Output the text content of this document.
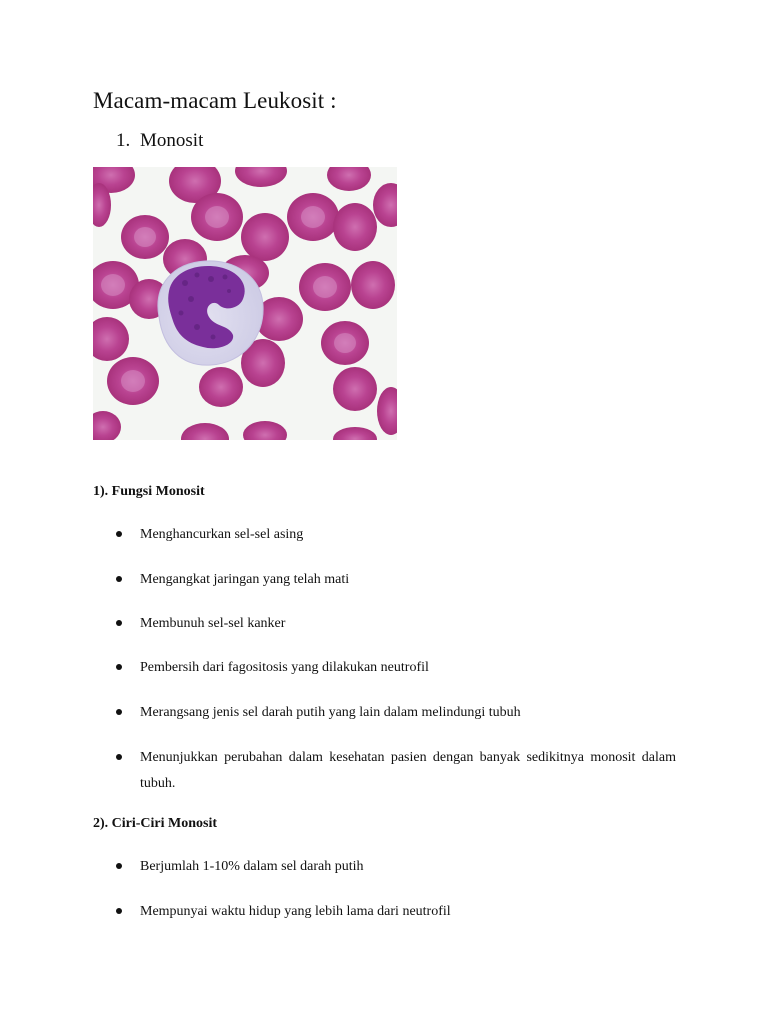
Macam-macam Leukosit :
1. Monosit
1). Fungsi Monosit
Menghancurkan sel-sel asing
Mengangkat jaringan yang telah mati
Membunuh sel-sel kanker
Pembersih dari fagositosis yang dilakukan neutrofil
Merangsang jenis sel darah putih yang lain dalam melindungi tubuh
Menunjukkan perubahan dalam kesehatan pasien dengan banyak sedikitnya monosit dalam tubuh.
2). Ciri-Ciri Monosit
Berjumlah 1-10% dalam sel darah putih
Mempunyai waktu hidup yang lebih lama dari neutrofil
